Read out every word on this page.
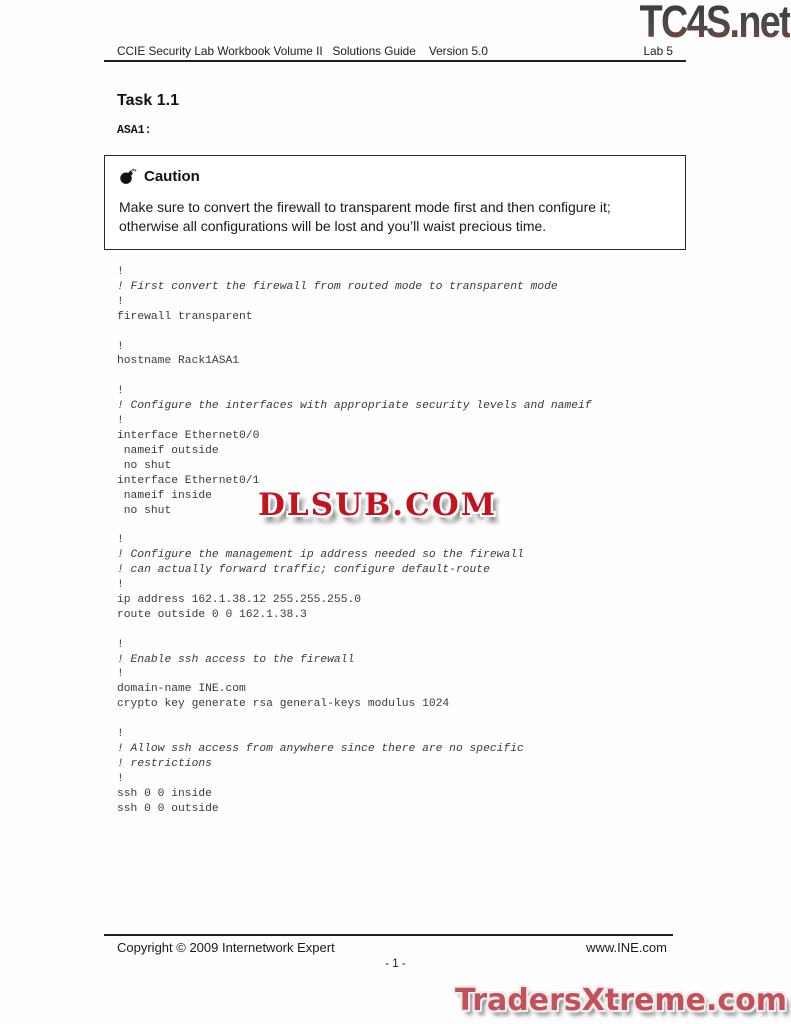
TC4S.net
CCIE Security Lab Workbook Volume II   Solutions Guide    Version 5.0	Lab 5
Task 1.1
ASA1:
Caution
Make sure to convert the firewall to transparent mode first and then configure it; otherwise all configurations will be lost and you’ll waist precious time.
!
! First convert the firewall from routed mode to transparent mode
!
firewall transparent

!
hostname Rack1ASA1

!
! Configure the interfaces with appropriate security levels and nameif
!
interface Ethernet0/0
nameif outside
no shut
interface Ethernet0/1
nameif inside
no shut

!
! Configure the management ip address needed so the firewall
! can actually forward traffic; configure default-route
!
ip address 162.1.38.12 255.255.255.0
route outside 0 0 162.1.38.3

!
! Enable ssh access to the firewall
!
domain-name INE.com
crypto key generate rsa general-keys modulus 1024

!
! Allow ssh access from anywhere since there are no specific
! restrictions
!
ssh 0 0 inside
ssh 0 0 outside
DLSUB.COM
Copyright © 2009 Internetwork Expert	www.INE.com
- 1 -
TradersXtreme.com
